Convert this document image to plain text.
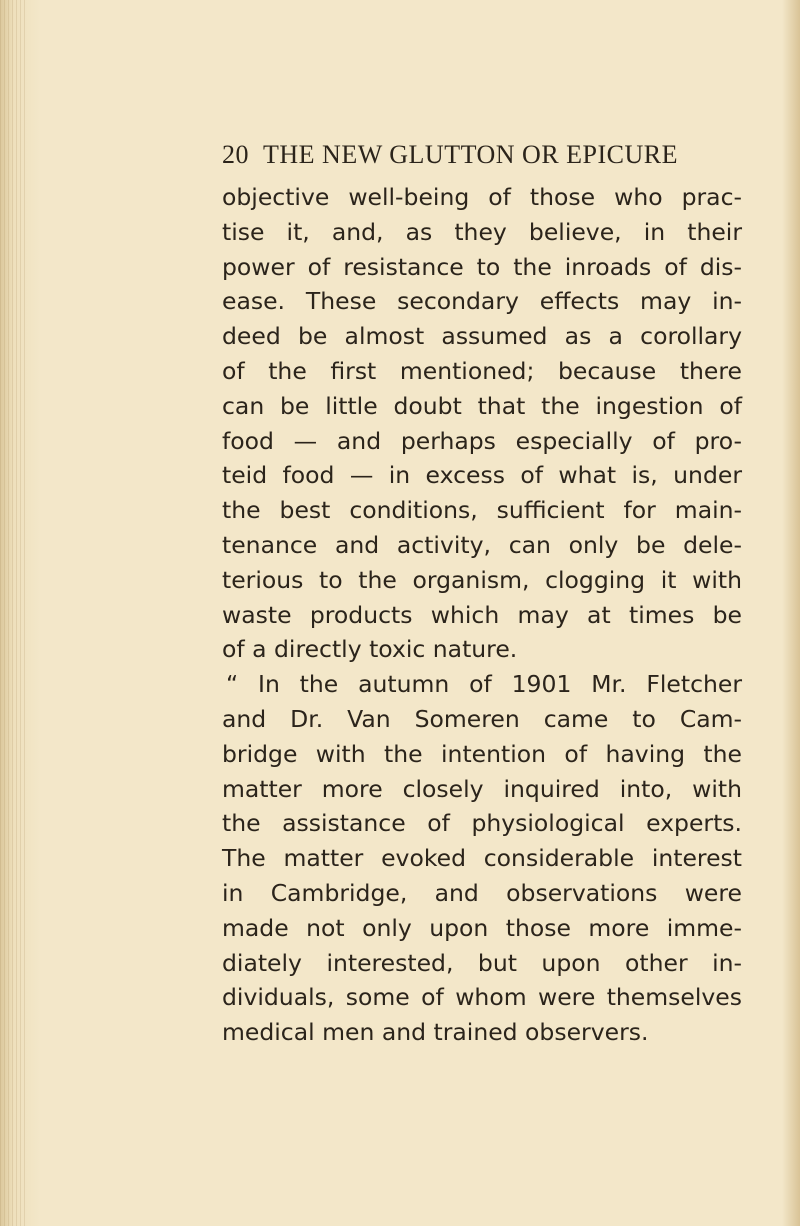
20 THE NEW GLUTTON OR EPICURE
objective well-being of those who prac-
tise it, and, as they believe, in their
power of resistance to the inroads of dis-
ease. These secondary effects may in-
deed be almost assumed as a corollary
of the first mentioned; because there
can be little doubt that the ingestion of
food — and perhaps especially of pro-
teid food — in excess of what is, under
the best conditions, sufficient for main-
tenance and activity, can only be dele-
terious to the organism, clogging it with
waste products which may at times be
of a directly toxic nature.
“ In the autumn of 1901 Mr. Fletcher
and Dr. Van Someren came to Cam-
bridge with the intention of having the
matter more closely inquired into, with
the assistance of physiological experts.
The matter evoked considerable interest
in Cambridge, and observations were
made not only upon those more imme-
diately interested, but upon other in-
dividuals, some of whom were themselves
medical men and trained observers.
